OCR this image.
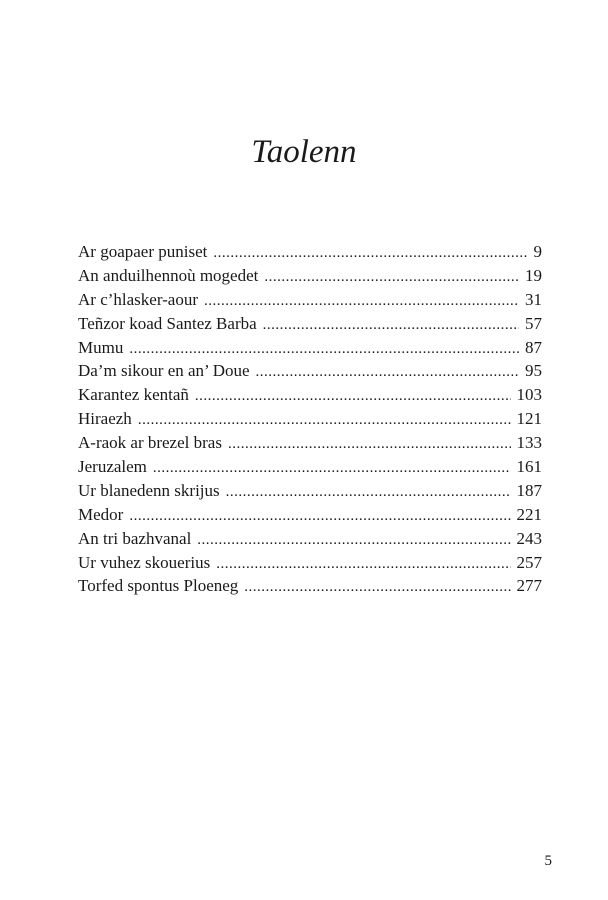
Taolenn
Ar goapaer puniset .....	9
An anduilhennoù mogedet .....	19
Ar c’hlasker-aour .....	31
Teñzor koad Santez Barba .....	57
Mumu .....	87
Da’m sikour en an’ Doue .....	95
Karantez kentañ .....	103
Hiraezh .....	121
A-raok ar brezel bras .....	133
Jeruzalem .....	161
Ur blanedenn skrijus .....	187
Medor .....	221
An tri bazhvanal .....	243
Ur vuhez skouerius .....	257
Torfed spontus Ploeneg .....	277
5
